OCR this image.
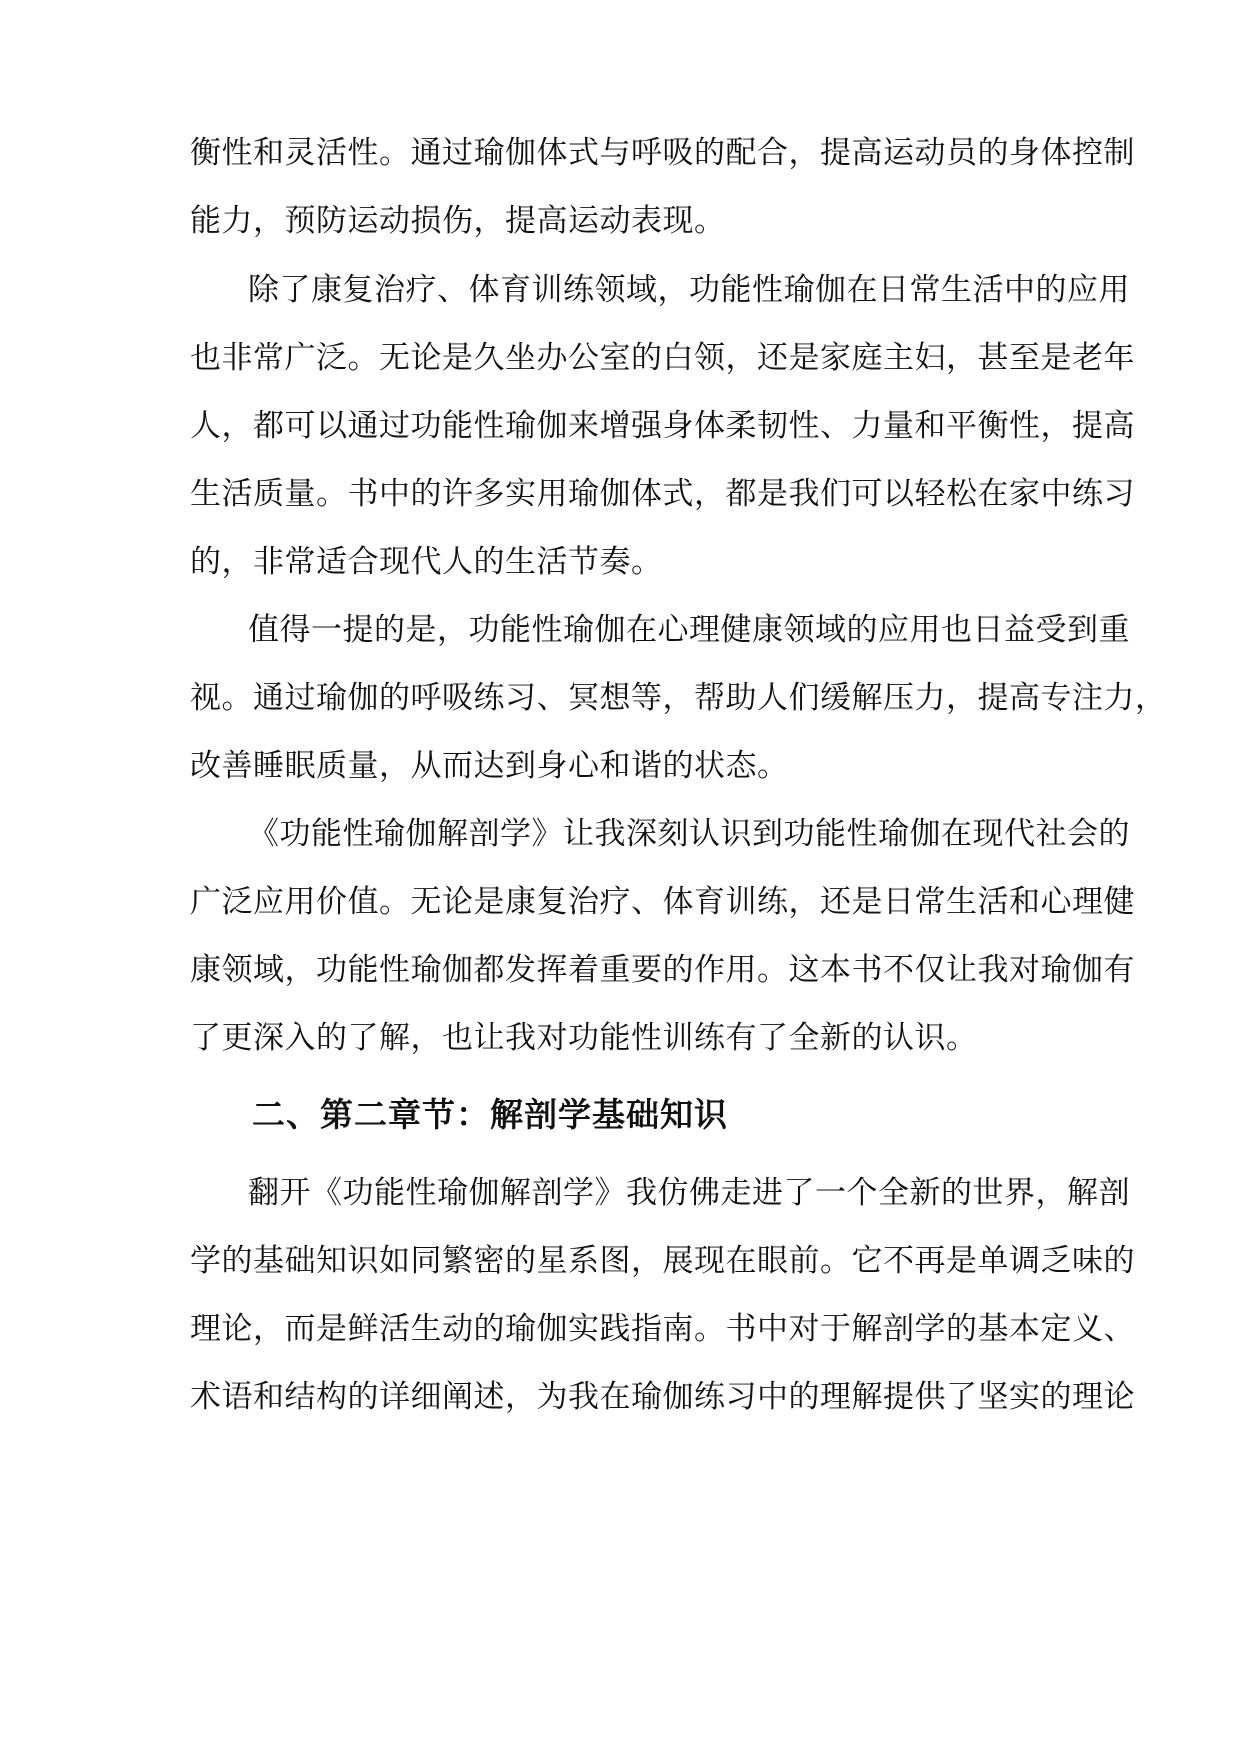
衡性和灵活性。通过瑜伽体式与呼吸的配合，提高运动员的身体控制
能力，预防运动损伤，提高运动表现。
除了康复治疗、体育训练领域，功能性瑜伽在日常生活中的应用
也非常广泛。无论是久坐办公室的白领，还是家庭主妇，甚至是老年
人，都可以通过功能性瑜伽来增强身体柔韧性、力量和平衡性，提高
生活质量。书中的许多实用瑜伽体式，都是我们可以轻松在家中练习
的，非常适合现代人的生活节奏。
值得一提的是，功能性瑜伽在心理健康领域的应用也日益受到重
视。通过瑜伽的呼吸练习、冥想等，帮助人们缓解压力，提高专注力，
改善睡眠质量，从而达到身心和谐的状态。
《功能性瑜伽解剖学》让我深刻认识到功能性瑜伽在现代社会的
广泛应用价值。无论是康复治疗、体育训练，还是日常生活和心理健
康领域，功能性瑜伽都发挥着重要的作用。这本书不仅让我对瑜伽有
了更深入的了解，也让我对功能性训练有了全新的认识。
二、第二章节：解剖学基础知识
翻开《功能性瑜伽解剖学》我仿佛走进了一个全新的世界，解剖
学的基础知识如同繁密的星系图，展现在眼前。它不再是单调乏味的
理论，而是鲜活生动的瑜伽实践指南。书中对于解剖学的基本定义、
术语和结构的详细阐述，为我在瑜伽练习中的理解提供了坚实的理论
